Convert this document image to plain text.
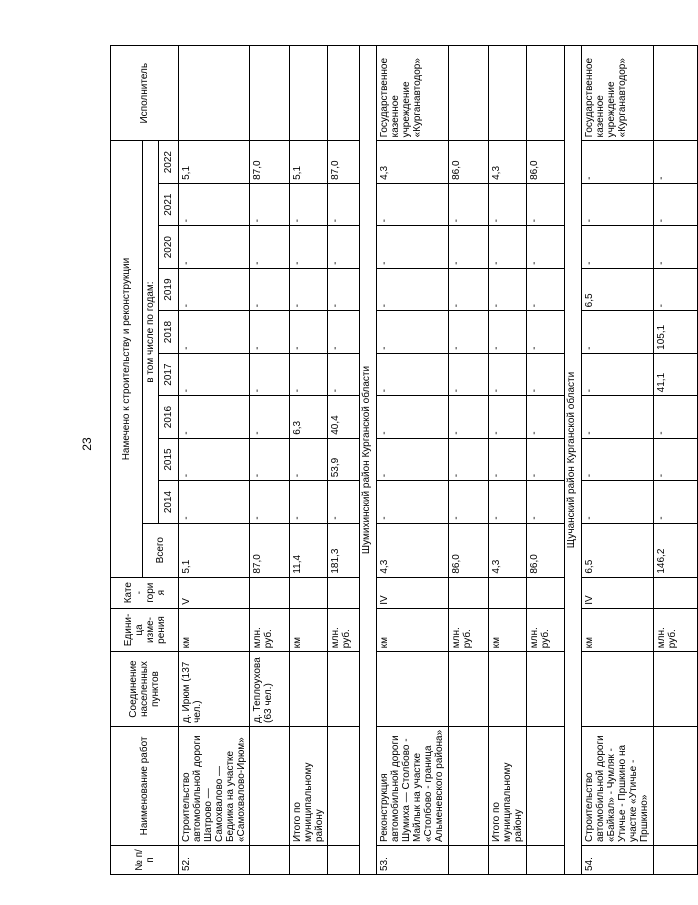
23
№ п/п	Наименование работ	Соединение населенных пунктов	Едини- ца изме- рения	Кате- гория	Намечено к строительству и реконструкции										Исполнитель
					Всего	в том числе по годам:									
						2014	2015	2016	2017	2018	2019	2020	2021	2022	
52.	Строительство автомобильной дороги Шатрово — Самохвалово — Бедиика на участке «Самохвалово-Ирюм»	д. Ирюм (137 чел.)	км	V	5,1	-	-	-	-	-	-	-	-	5,1	
		д. Теплоуховa (63 чел.)	млн. руб.		87,0	-	-	-	-	-	-	-	-	87,0	
	Итого по муниципальному району		км		11,4	-	-	6,3	-	-	-	-	-	5,1	
			млн. руб.		181,3	-	53,9	40,4	-	-	-	-	-	87,0	
Шумихинский район Курганской области															
53.	Реконструкция автомобильной дороги Шумиха — Столбово - Майлык на участке «Столбово - граница Альменевского района»		км	IV	4,3	-	-	-	-	-	-	-	-	4,3	Государственное казенное учреждение «Курганавтодор»
			млн. руб.		86,0	-	-	-	-	-	-	-	-	86,0	
	Итого по муниципальному району		км		4,3	-	-	-	-	-	-	-	-	4,3	
			млн. руб.		86,0	-	-	-	-	-	-	-	-	86,0	
Щучанский район Курганской области															
54.	Строительство автомобильной дороги «Байкал» - Чумляк - Утичье - Пршкино на участке «Утичье - Пршкино»		км	IV	6,5	-	-	-	-	-	6,5	-	-	-	Государственное казенное учреждение «Курганавтодор»
			млн. руб.		146,2	-	-	-	41,1	105,1	-	-	-	-	
